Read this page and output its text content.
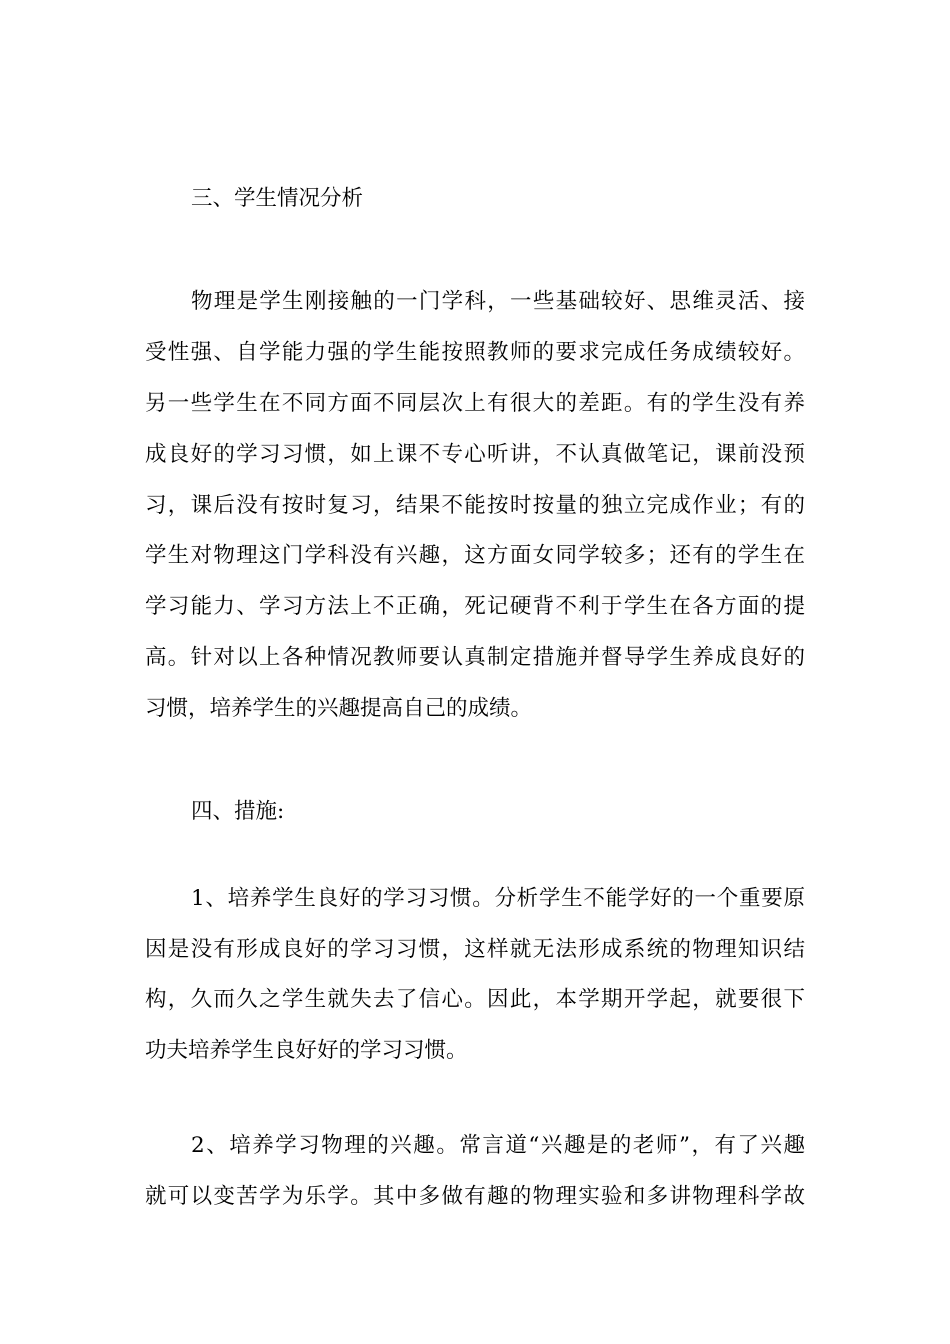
三、学生情况分析
物理是学生刚接触的一门学科，一些基础较好、思维灵活、接
受性强、自学能力强的学生能按照教师的要求完成任务成绩较好。
另一些学生在不同方面不同层次上有很大的差距。有的学生没有养
成良好的学习习惯，如上课不专心听讲，不认真做笔记，课前没预
习，课后没有按时复习，结果不能按时按量的独立完成作业；有的
学生对物理这门学科没有兴趣，这方面女同学较多；还有的学生在
学习能力、学习方法上不正确，死记硬背不利于学生在各方面的提
高。针对以上各种情况教师要认真制定措施并督导学生养成良好的
习惯，培养学生的兴趣提高自己的成绩。
四、措施:
1、培养学生良好的学习习惯。分析学生不能学好的一个重要原
因是没有形成良好的学习习惯，这样就无法形成系统的物理知识结
构，久而久之学生就失去了信心。因此，本学期开学起，就要很下
功夫培养学生良好好的学习习惯。
2、培养学习物理的兴趣。常言道“兴趣是的老师”，有了兴趣
就可以变苦学为乐学。其中多做有趣的物理实验和多讲物理科学故
